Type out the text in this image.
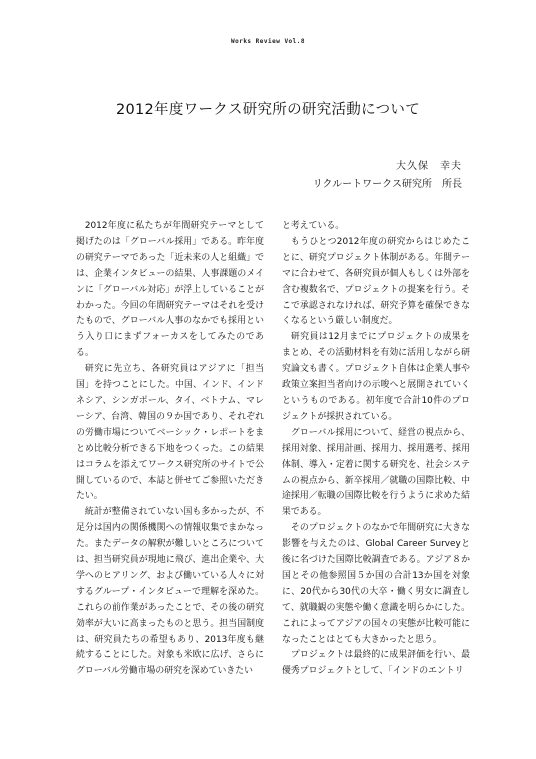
Works Review Vol.8
2012年度ワークス研究所の研究活動について
大久保　幸夫
リクルートワークス研究所　所長

2012年度に私たちが年間研究テーマとして掲げたのは「グローバル採用」である。昨年度の研究テーマであった「近未来の人と組織」では、企業インタビューの結果、人事課題のメインに「グローバル対応」が浮上していることがわかった。今回の年間研究テーマはそれを受けたもので、グローバル人事のなかでも採用という入り口にまずフォーカスをしてみたのである。

研究に先立ち、各研究員はアジアに「担当国」を持つことにした。中国、インド、インドネシア、シンガポール、タイ、ベトナム、マレーシア、台湾、韓国の９か国であり、それぞれの労働市場についてベーシック・レポートをまとめ比較分析できる下地をつくった。この結果はコラムを添えてワークス研究所のサイトで公開しているので、本誌と併せてご参照いただきたい。

統計が整備されていない国も多かったが、不足分は国内の関係機関への情報収集でまかなった。またデータの解釈が難しいところについては、担当研究員が現地に飛び、進出企業や、大学へのヒアリング、および働いている人々に対するグループ・インタビューで理解を深めた。これらの前作業があったことで、その後の研究効率が大いに高まったものと思う。担当国制度は、研究員たちの希望もあり、2013年度も継続することにした。対象も米欧に広げ、さらにグローバル労働市場の研究を深めていきたい

と考えている。

もうひとつ2012年度の研究からはじめたことに、研究プロジェクト体制がある。年間テーマに合わせて、各研究員が個人もしくは外部を含む複数名で、プロジェクトの提案を行う。そこで承認されなければ、研究予算を確保できなくなるという厳しい制度だ。

研究員は12月までにプロジェクトの成果をまとめ、その活動材料を有効に活用しながら研究論文も書く。プロジェクト自体は企業人事や政策立案担当者向けの示唆へと展開されていくというものである。初年度で合計10件のプロジェクトが採択されている。

グローバル採用について、経営の視点から、採用対象、採用計画、採用力、採用選考、採用体制、導入・定着に関する研究を、社会システムの視点から、新卒採用／就職の国際比較、中途採用／転職の国際比較を行うように求めた結果である。

そのプロジェクトのなかで年間研究に大きな影響を与えたのは、Global Career Surveyと後に名づけた国際比較調査である。アジア８か国とその他参照国５か国の合計13か国を対象に、20代から30代の大卒・働く男女に調査して、就職観の実態や働く意識を明らかにした。これによってアジアの国々の実態が比較可能になったことはとても大きかったと思う。

プロジェクトは最終的に成果評価を行い、最優秀プロジェクトとして、「インドのエントリ
